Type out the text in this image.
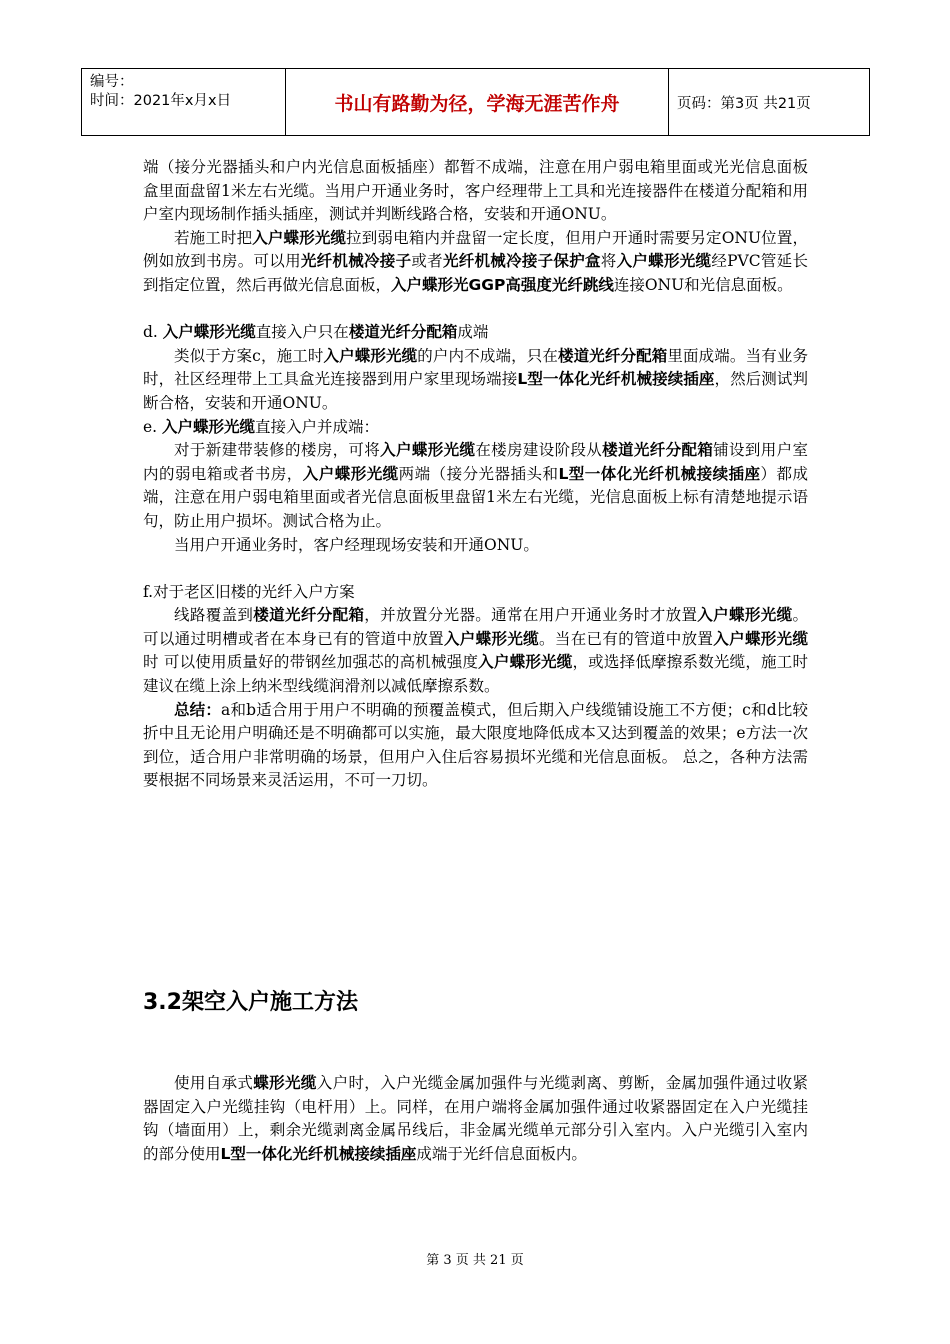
编号：
时间：2021年x月x日	书山有路勤为径，学海无涯苦作舟	页码：第3页 共21页

端（接分光器插头和户内光信息面板插座）都暂不成端，注意在用户弱电箱里面或光光信息面板盒里面盘留1米左右光缆。当用户开通业务时，客户经理带上工具和光连接器件在楼道分配箱和用户室内现场制作插头插座，测试并判断线路合格，安装和开通ONU。

若施工时把入户蝶形光缆拉到弱电箱内并盘留一定长度，但用户开通时需要另定ONU位置，例如放到书房。可以用光纤机械冷接子或者光纤机械冷接子保护盒将入户蝶形光缆经PVC管延长到指定位置，然后再做光信息面板，入户蝶形光GGP高强度光纤跳线连接ONU和光信息面板。

d. 入户蝶形光缆直接入户只在楼道光纤分配箱成端

类似于方案c，施工时入户蝶形光缆的户内不成端，只在楼道光纤分配箱里面成端。当有业务时，社区经理带上工具盒光连接器到用户家里现场端接L型一体化光纤机械接续插座，然后测试判断合格，安装和开通ONU。

e. 入户蝶形光缆直接入户并成端：

对于新建带装修的楼房，可将入户蝶形光缆在楼房建设阶段从楼道光纤分配箱铺设到用户室内的弱电箱或者书房，入户蝶形光缆两端（接分光器插头和L型一体化光纤机械接续插座）都成端，注意在用户弱电箱里面或者光信息面板里盘留1米左右光缆，光信息面板上标有清楚地提示语句，防止用户损坏。测试合格为止。

当用户开通业务时，客户经理现场安装和开通ONU。

f.对于老区旧楼的光纤入户方案

线路覆盖到楼道光纤分配箱，并放置分光器。通常在用户开通业务时才放置入户蝶形光缆。可以通过明槽或者在本身已有的管道中放置入户蝶形光缆。当在已有的管道中放置入户蝶形光缆时 可以使用质量好的带钢丝加强芯的高机械强度入户蝶形光缆，或选择低摩擦系数光缆，施工时建议在缆上涂上纳米型线缆润滑剂以减低摩擦系数。

总结：a和b适合用于用户不明确的预覆盖模式，但后期入户线缆铺设施工不方便；c和d比较折中且无论用户明确还是不明确都可以实施，最大限度地降低成本又达到覆盖的效果；e方法一次到位，适合用户非常明确的场景，但用户入住后容易损坏光缆和光信息面板。 总之，各种方法需要根据不同场景来灵活运用，不可一刀切。

3.2架空入户施工方法

使用自承式蝶形光缆入户时，入户光缆金属加强件与光缆剥离、剪断，金属加强件通过收紧器固定入户光缆挂钩（电杆用）上。同样，在用户端将金属加强件通过收紧器固定在入户光缆挂钩（墙面用）上，剩余光缆剥离金属吊线后，非金属光缆单元部分引入室内。入户光缆引入室内的部分使用L型一体化光纤机械接续插座成端于光纤信息面板内。

第 3 页 共 21 页
